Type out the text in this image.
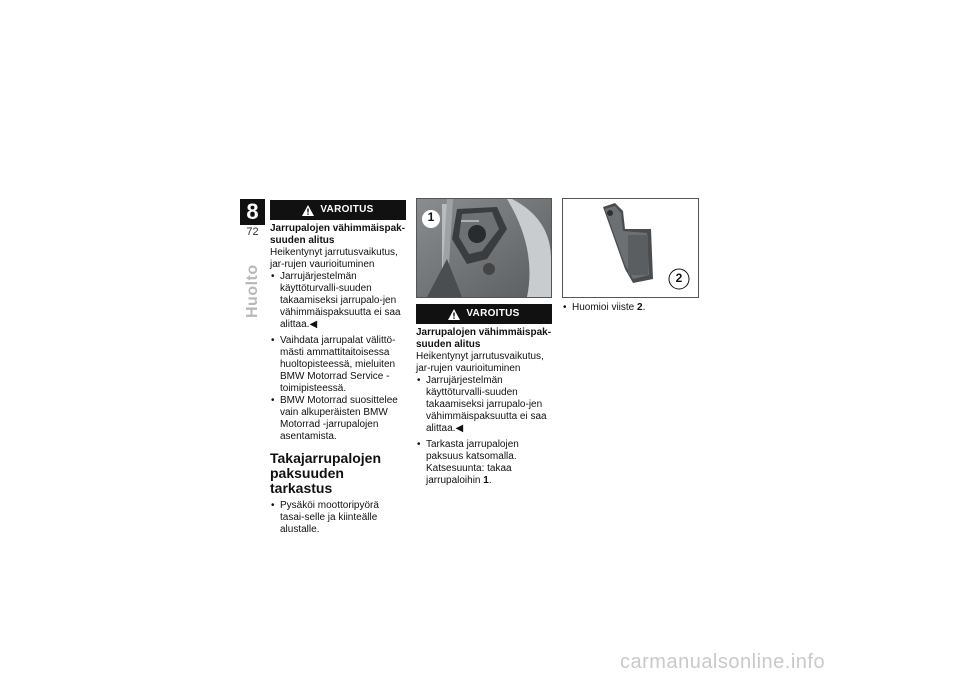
8
72
Huolto
VAROITUS
Jarrupalojen vähimmäispak-suuden alitus
Heikentynyt jarrutusvaikutus, jar-rujen vaurioituminen
• Jarrujärjestelmän käyttöturvalli-suuden takaamiseksi jarrupalo-jen vähimmäispaksuutta ei saa alittaa.◀
• Vaihdata jarrupalat välittö-mästi ammattitaitoisessa huoltopisteessä, mieluiten BMW Motorrad Service -toimipisteessä.
• BMW Motorrad suosittelee vain alkuperäisten BMW Motorrad -jarrupalojen asentamista.
Takajarrupalojen paksuuden tarkastus
• Pysäköi moottoripyörä tasai-selle ja kiinteälle alustalle.
1
VAROITUS
Jarrupalojen vähimmäispak-suuden alitus
Heikentynyt jarrutusvaikutus, jar-rujen vaurioituminen
• Jarrujärjestelmän käyttöturvalli-suuden takaamiseksi jarrupalo-jen vähimmäispaksuutta ei saa alittaa.◀
• Tarkasta jarrupalojen paksuus katsomalla. Katsesuunta: takaa jarrupaloihin 1.
2
• Huomioi viiste 2.
carmanualsonline.info
